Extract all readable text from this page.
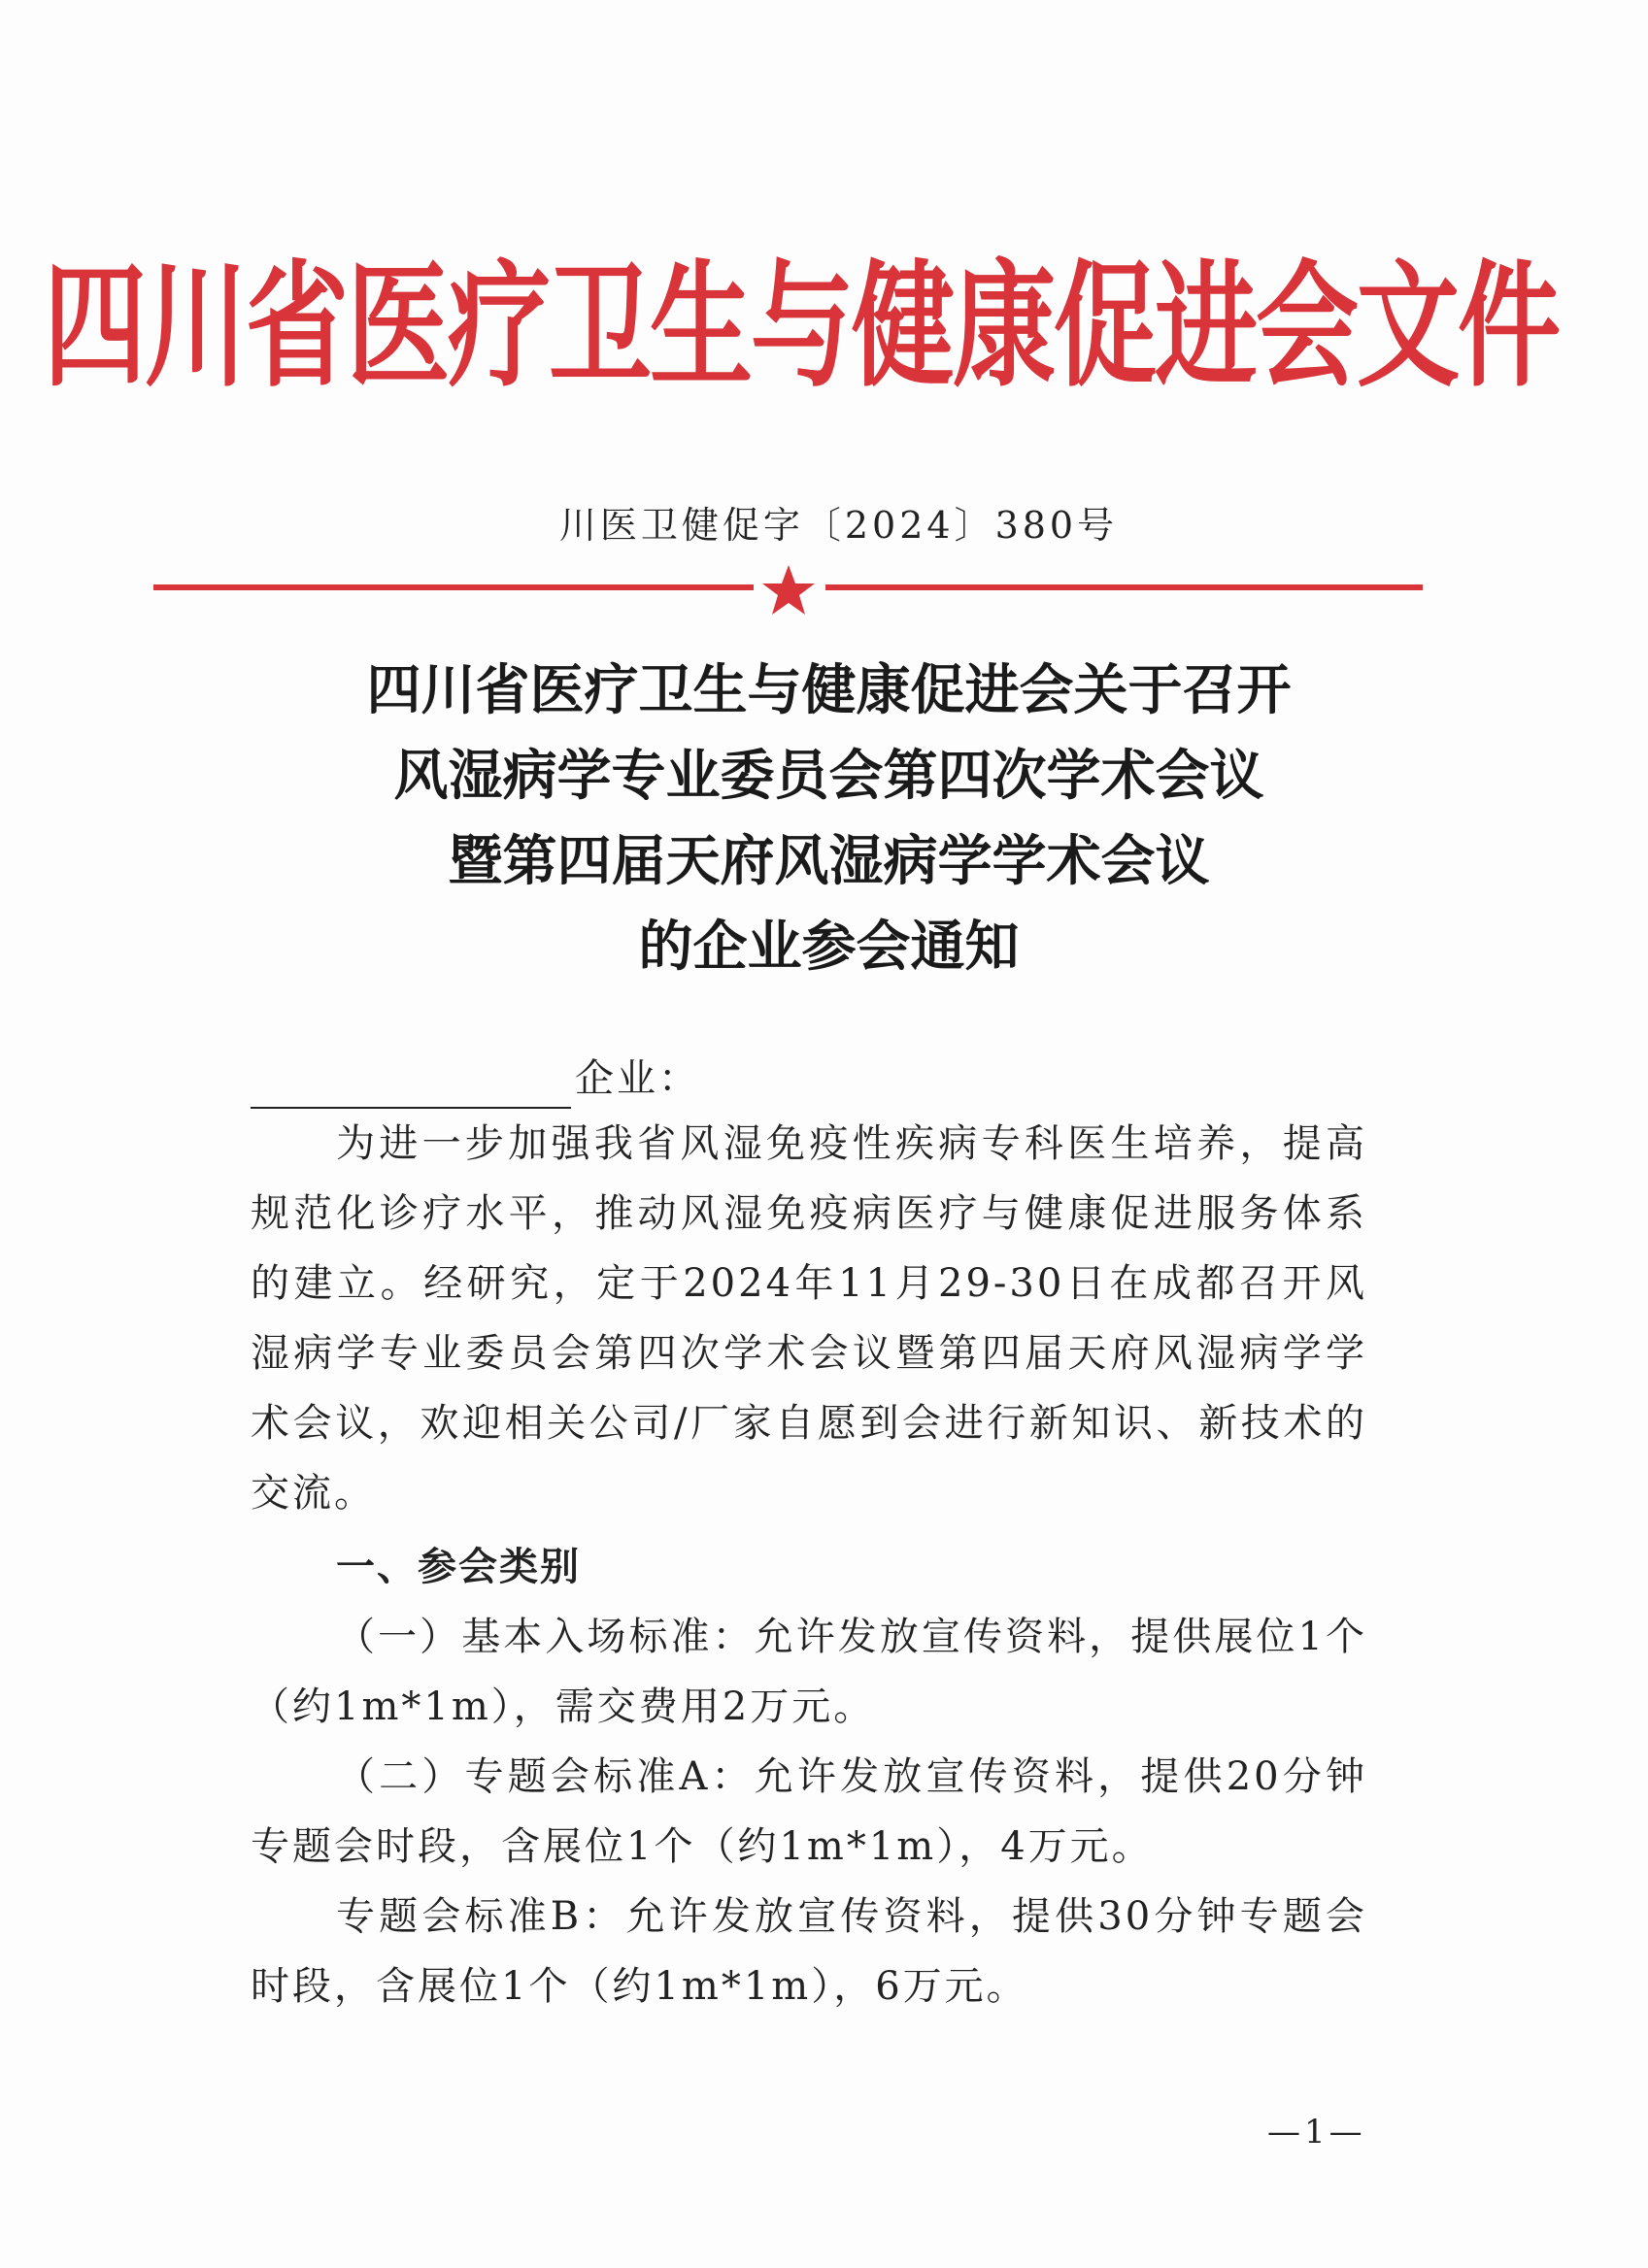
四川省医疗卫生与健康促进会文件
川医卫健促字〔2024〕380号
四川省医疗卫生与健康促进会关于召开
风湿病学专业委员会第四次学术会议
暨第四届天府风湿病学学术会议
的企业参会通知
企业：

为进一步加强我省风湿免疫性疾病专科医生培养，提高规范化诊疗水平，推动风湿免疫病医疗与健康促进服务体系的建立。经研究，定于2024年11月29-30日在成都召开风湿病学专业委员会第四次学术会议暨第四届天府风湿病学学术会议，欢迎相关公司/厂家自愿到会进行新知识、新技术的交流。

一、参会类别

（一）基本入场标准：允许发放宣传资料，提供展位1个（约1m*1m），需交费用2万元。

（二）专题会标准A：允许发放宣传资料，提供20分钟专题会时段，含展位1个（约1m*1m），4万元。

专题会标准B：允许发放宣传资料，提供30分钟专题会时段，含展位1个（约1m*1m），6万元。

—1—
